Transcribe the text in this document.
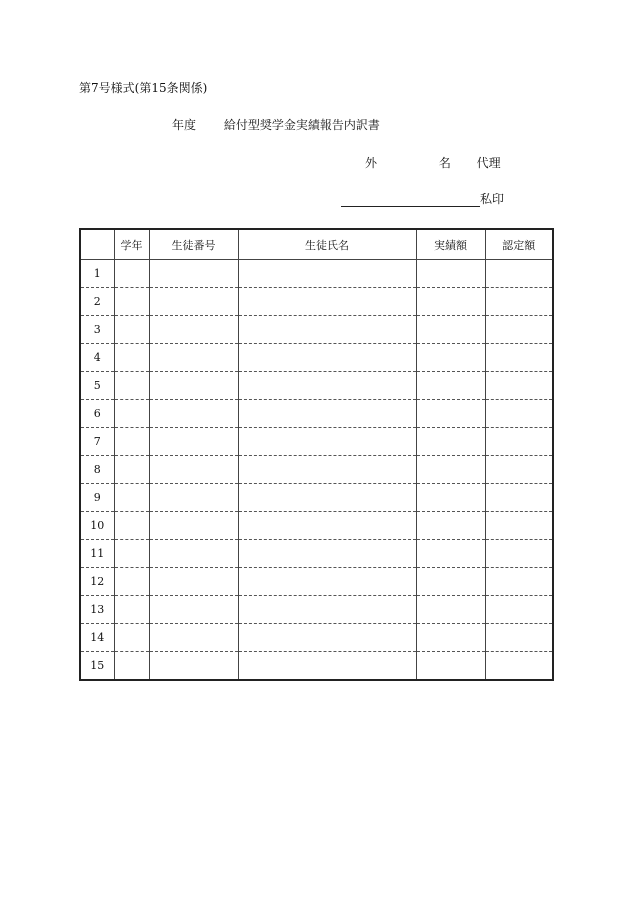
第7号様式(第15条関係)
年度 給付型奨学金実績報告内訳書
外	名 代理
私印
	学年	生徒番号	生徒氏名	実績額	認定額
1					
2					
3					
4					
5					
6					
7					
8					
9					
10					
11					
12					
13					
14					
15					
